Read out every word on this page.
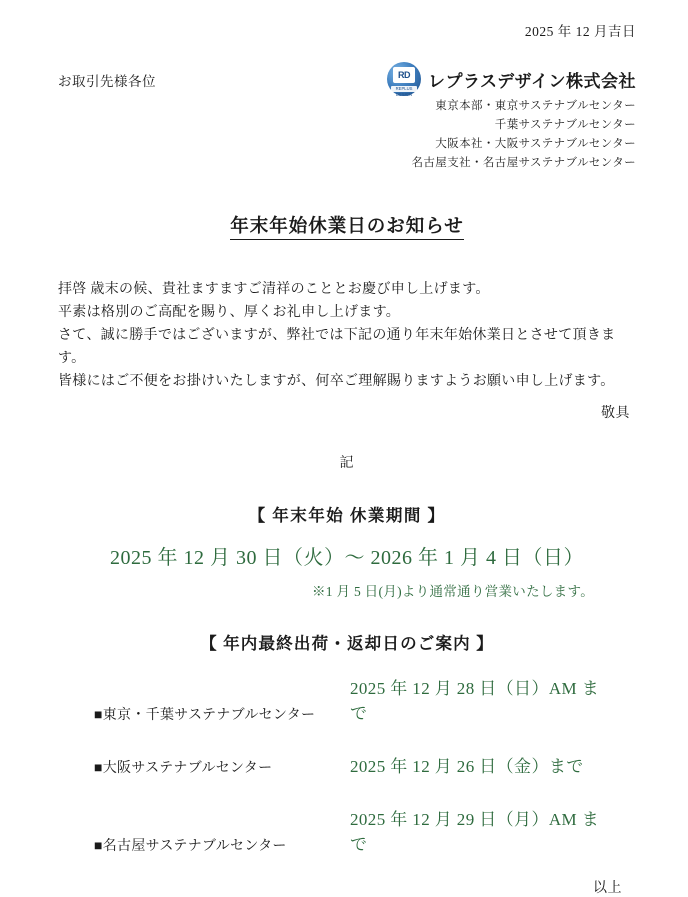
2025 年 12 月吉日
お取引先様各位	RD
REPLUS DESIGN
レプラスデザイン株式会社
東京本部・東京サステナブルセンター
千葉サステナブルセンター
大阪本社・大阪サステナブルセンター
名古屋支社・名古屋サステナブルセンター
年末年始休業日のお知らせ

拝啓 歳末の候、貴社ますますご清祥のこととお慶び申し上げます。

平素は格別のご高配を賜り、厚くお礼申し上げます。

さて、誠に勝手ではございますが、弊社では下記の通り年末年始休業日とさせて頂きます。

皆様にはご不便をお掛けいたしますが、何卒ご理解賜りますようお願い申し上げます。

敬具
記
【 年末年始 休業期間 】
2025 年 12 月 30 日（火）〜 2026 年 1 月 4 日（日）
※1 月 5 日(月)より通常通り営業いたします。
【 年内最終出荷・返却日のご案内 】
■東京・千葉サステナブルセンター 2025 年 12 月 28 日（日）AM まで
■大阪サステナブルセンター	2025 年 12 月 26 日（金）まで
■名古屋サステナブルセンター 2025 年 12 月 29 日（月）AM まで
以上
